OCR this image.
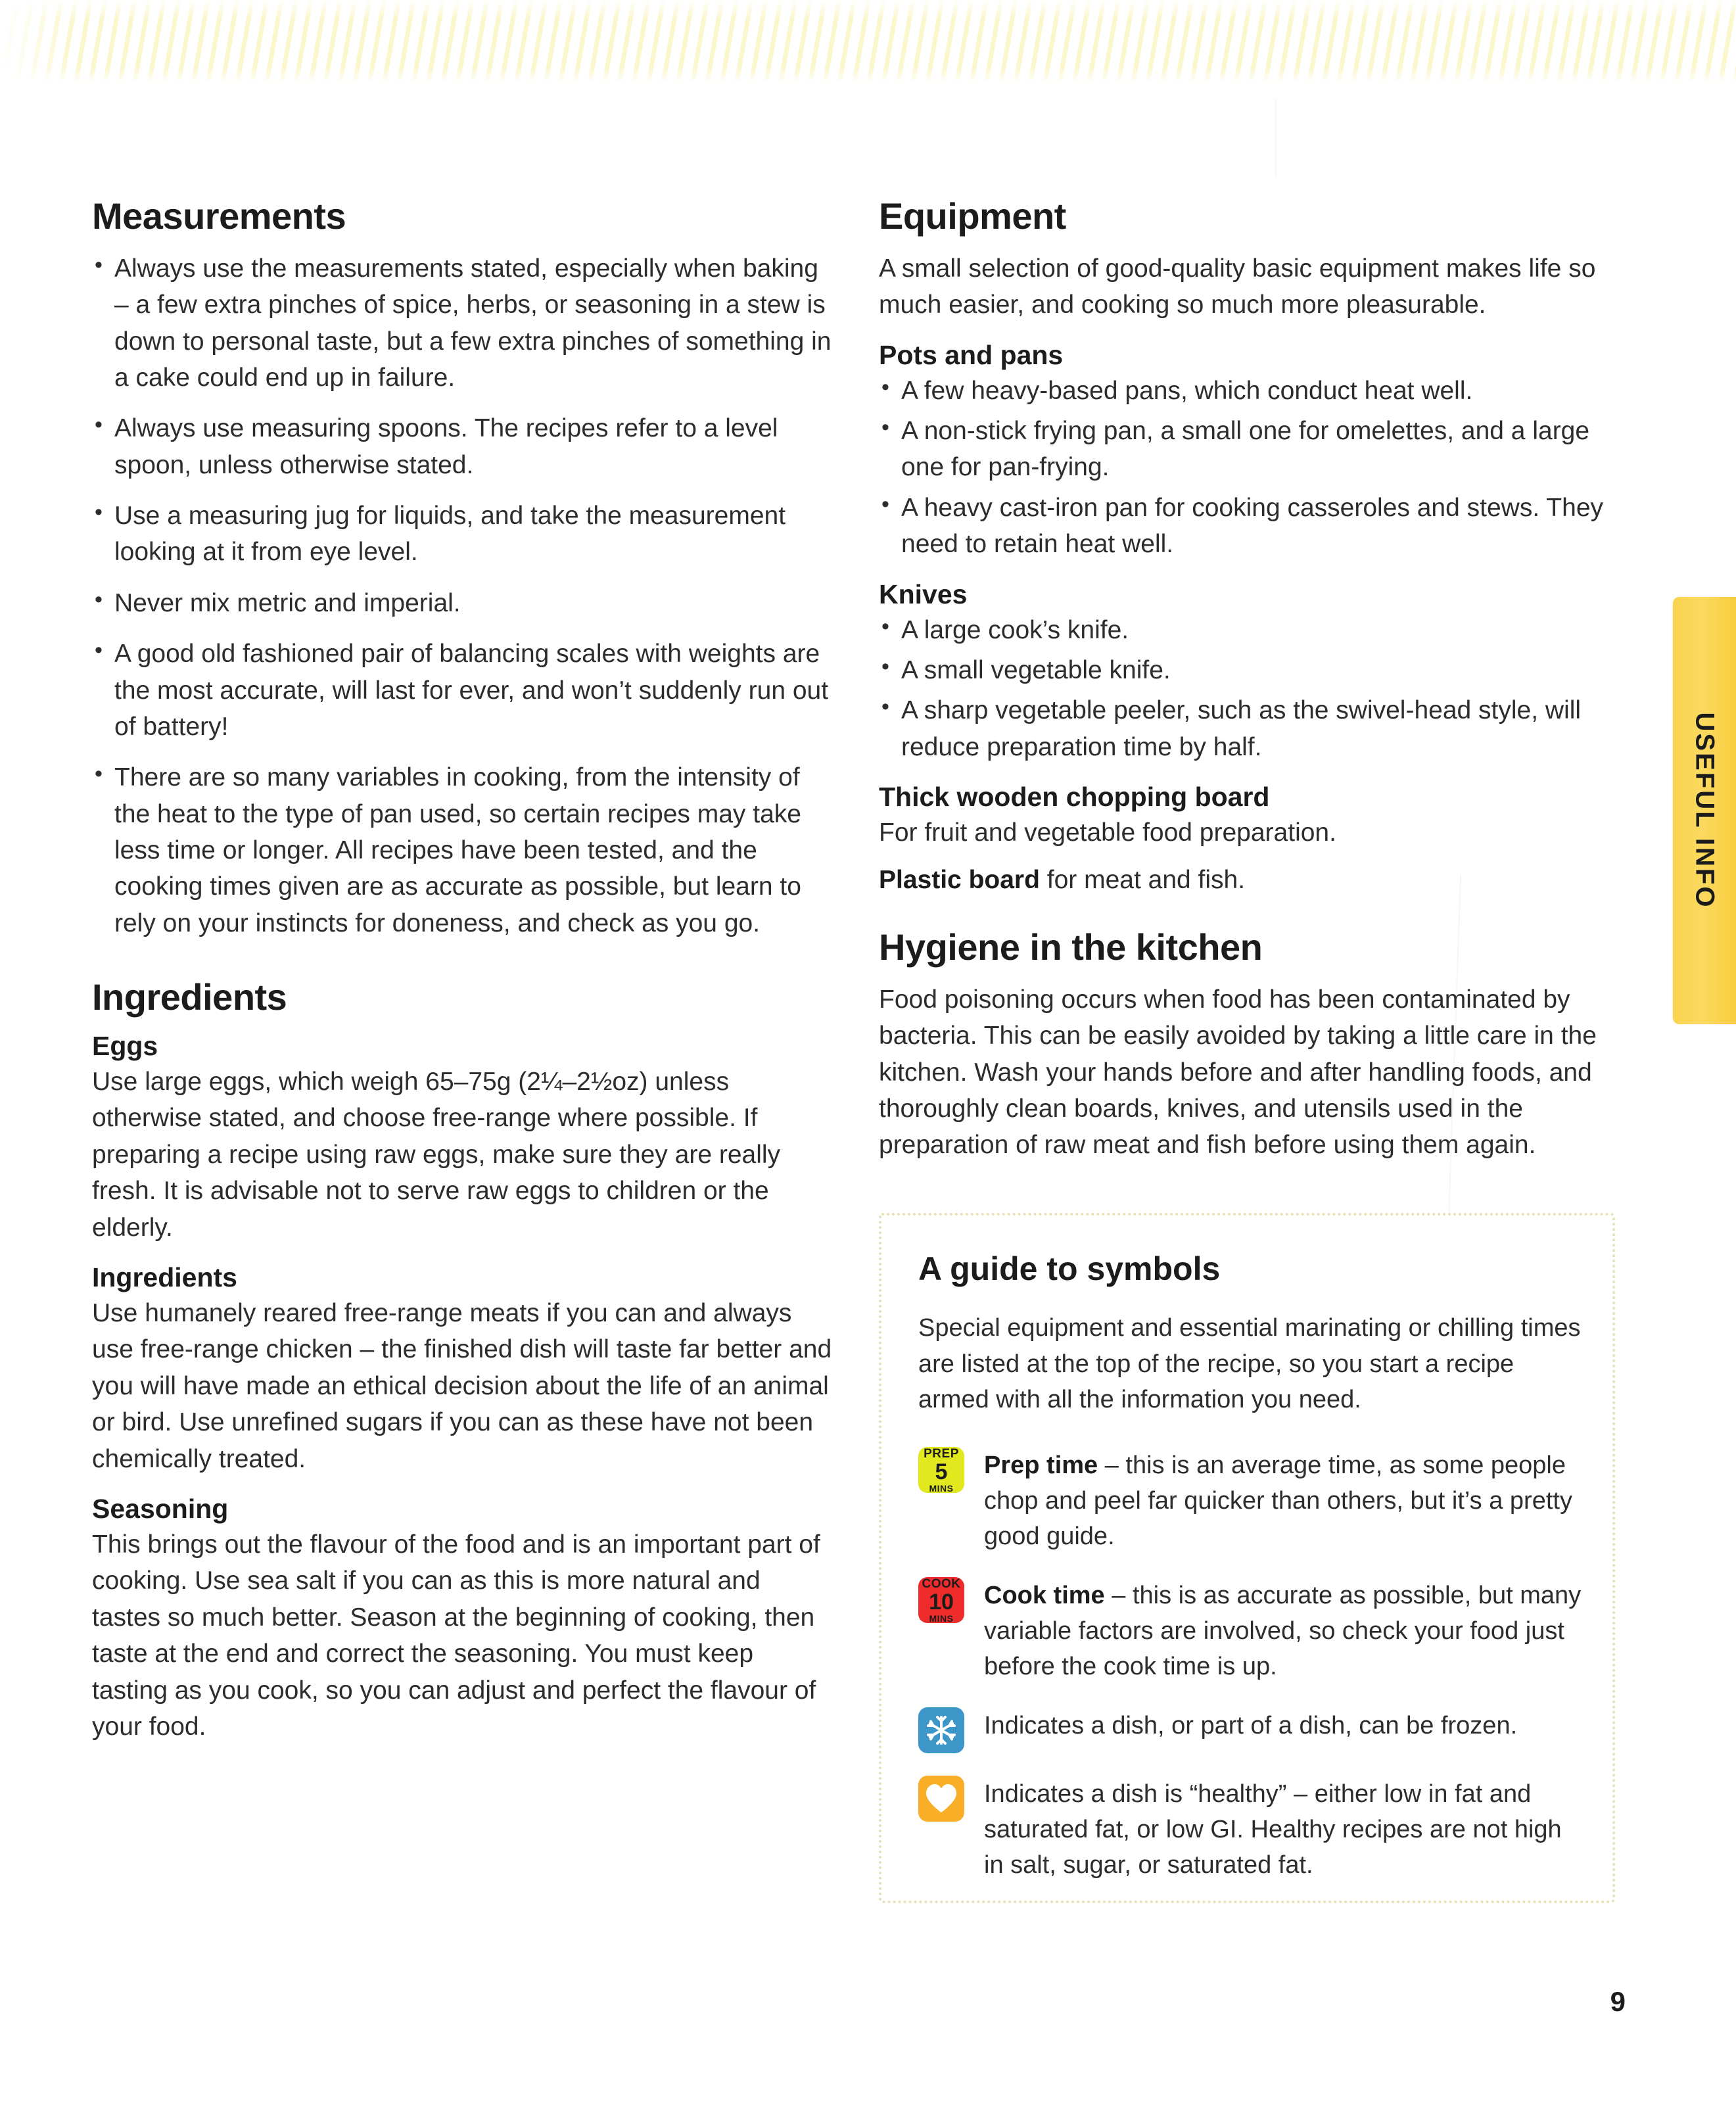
USEFUL INFO
Measurements
• Always use the measurements stated, especially when baking – a few extra pinches of spice, herbs, or seasoning in a stew is down to personal taste, but a few extra pinches of something in a cake could end up in failure.
• Always use measuring spoons. The recipes refer to a level spoon, unless otherwise stated.
• Use a measuring jug for liquids, and take the measurement looking at it from eye level.
• Never mix metric and imperial.
• A good old fashioned pair of balancing scales with weights are the most accurate, will last for ever, and won’t suddenly run out of battery!
• There are so many variables in cooking, from the intensity of the heat to the type of pan used, so certain recipes may take less time or longer. All recipes have been tested, and the cooking times given are as accurate as possible, but learn to rely on your instincts for doneness, and check as you go.
Ingredients
Eggs

Use large eggs, which weigh 65–75g (2¼–2½oz) unless otherwise stated, and choose free-range where possible. If preparing a recipe using raw eggs, make sure they are really fresh. It is advisable not to serve raw eggs to children or the elderly.

Ingredients

Use humanely reared free-range meats if you can and always use free-range chicken – the finished dish will taste far better and you will have made an ethical decision about the life of an animal or bird. Use unrefined sugars if you can as these have not been chemically treated.

Seasoning

This brings out the flavour of the food and is an important part of cooking. Use sea salt if you can as this is more natural and tastes so much better. Season at the beginning of cooking, then taste at the end and correct the seasoning. You must keep tasting as you cook, so you can adjust and perfect the flavour of your food.

Equipment

A small selection of good-quality basic equipment makes life so much easier, and cooking so much more pleasurable.

Pots and pans
• A few heavy-based pans, which conduct heat well.
• A non-stick frying pan, a small one for omelettes, and a large one for pan-frying.
• A heavy cast-iron pan for cooking casseroles and stews. They need to retain heat well.
Knives
• A large cook’s knife.
• A small vegetable knife.
• A sharp vegetable peeler, such as the swivel-head style, will reduce preparation time by half.
Thick wooden chopping board

For fruit and vegetable food preparation.

Plastic board for meat and fish.

Hygiene in the kitchen

Food poisoning occurs when food has been contaminated by bacteria. This can be easily avoided by taking a little care in the kitchen. Wash your hands before and after handling foods, and thoroughly clean boards, knives, and utensils used in the preparation of raw meat and fish before using them again.

A guide to symbols

Special equipment and essential marinating or chilling times are listed at the top of the recipe, so you start a recipe armed with all the information you need.

PREP
5
MINS
Prep time – this is an average time, as some people chop and peel far quicker than others, but it’s a pretty good guide.
COOK
10
MINS
Cook time – this is as accurate as possible, but many variable factors are involved, so check your food just before the cook time is up.
Indicates a dish, or part of a dish, can be frozen.
Indicates a dish is “healthy” – either low in fat and saturated fat, or low GI. Healthy recipes are not high in salt, sugar, or saturated fat.
9
